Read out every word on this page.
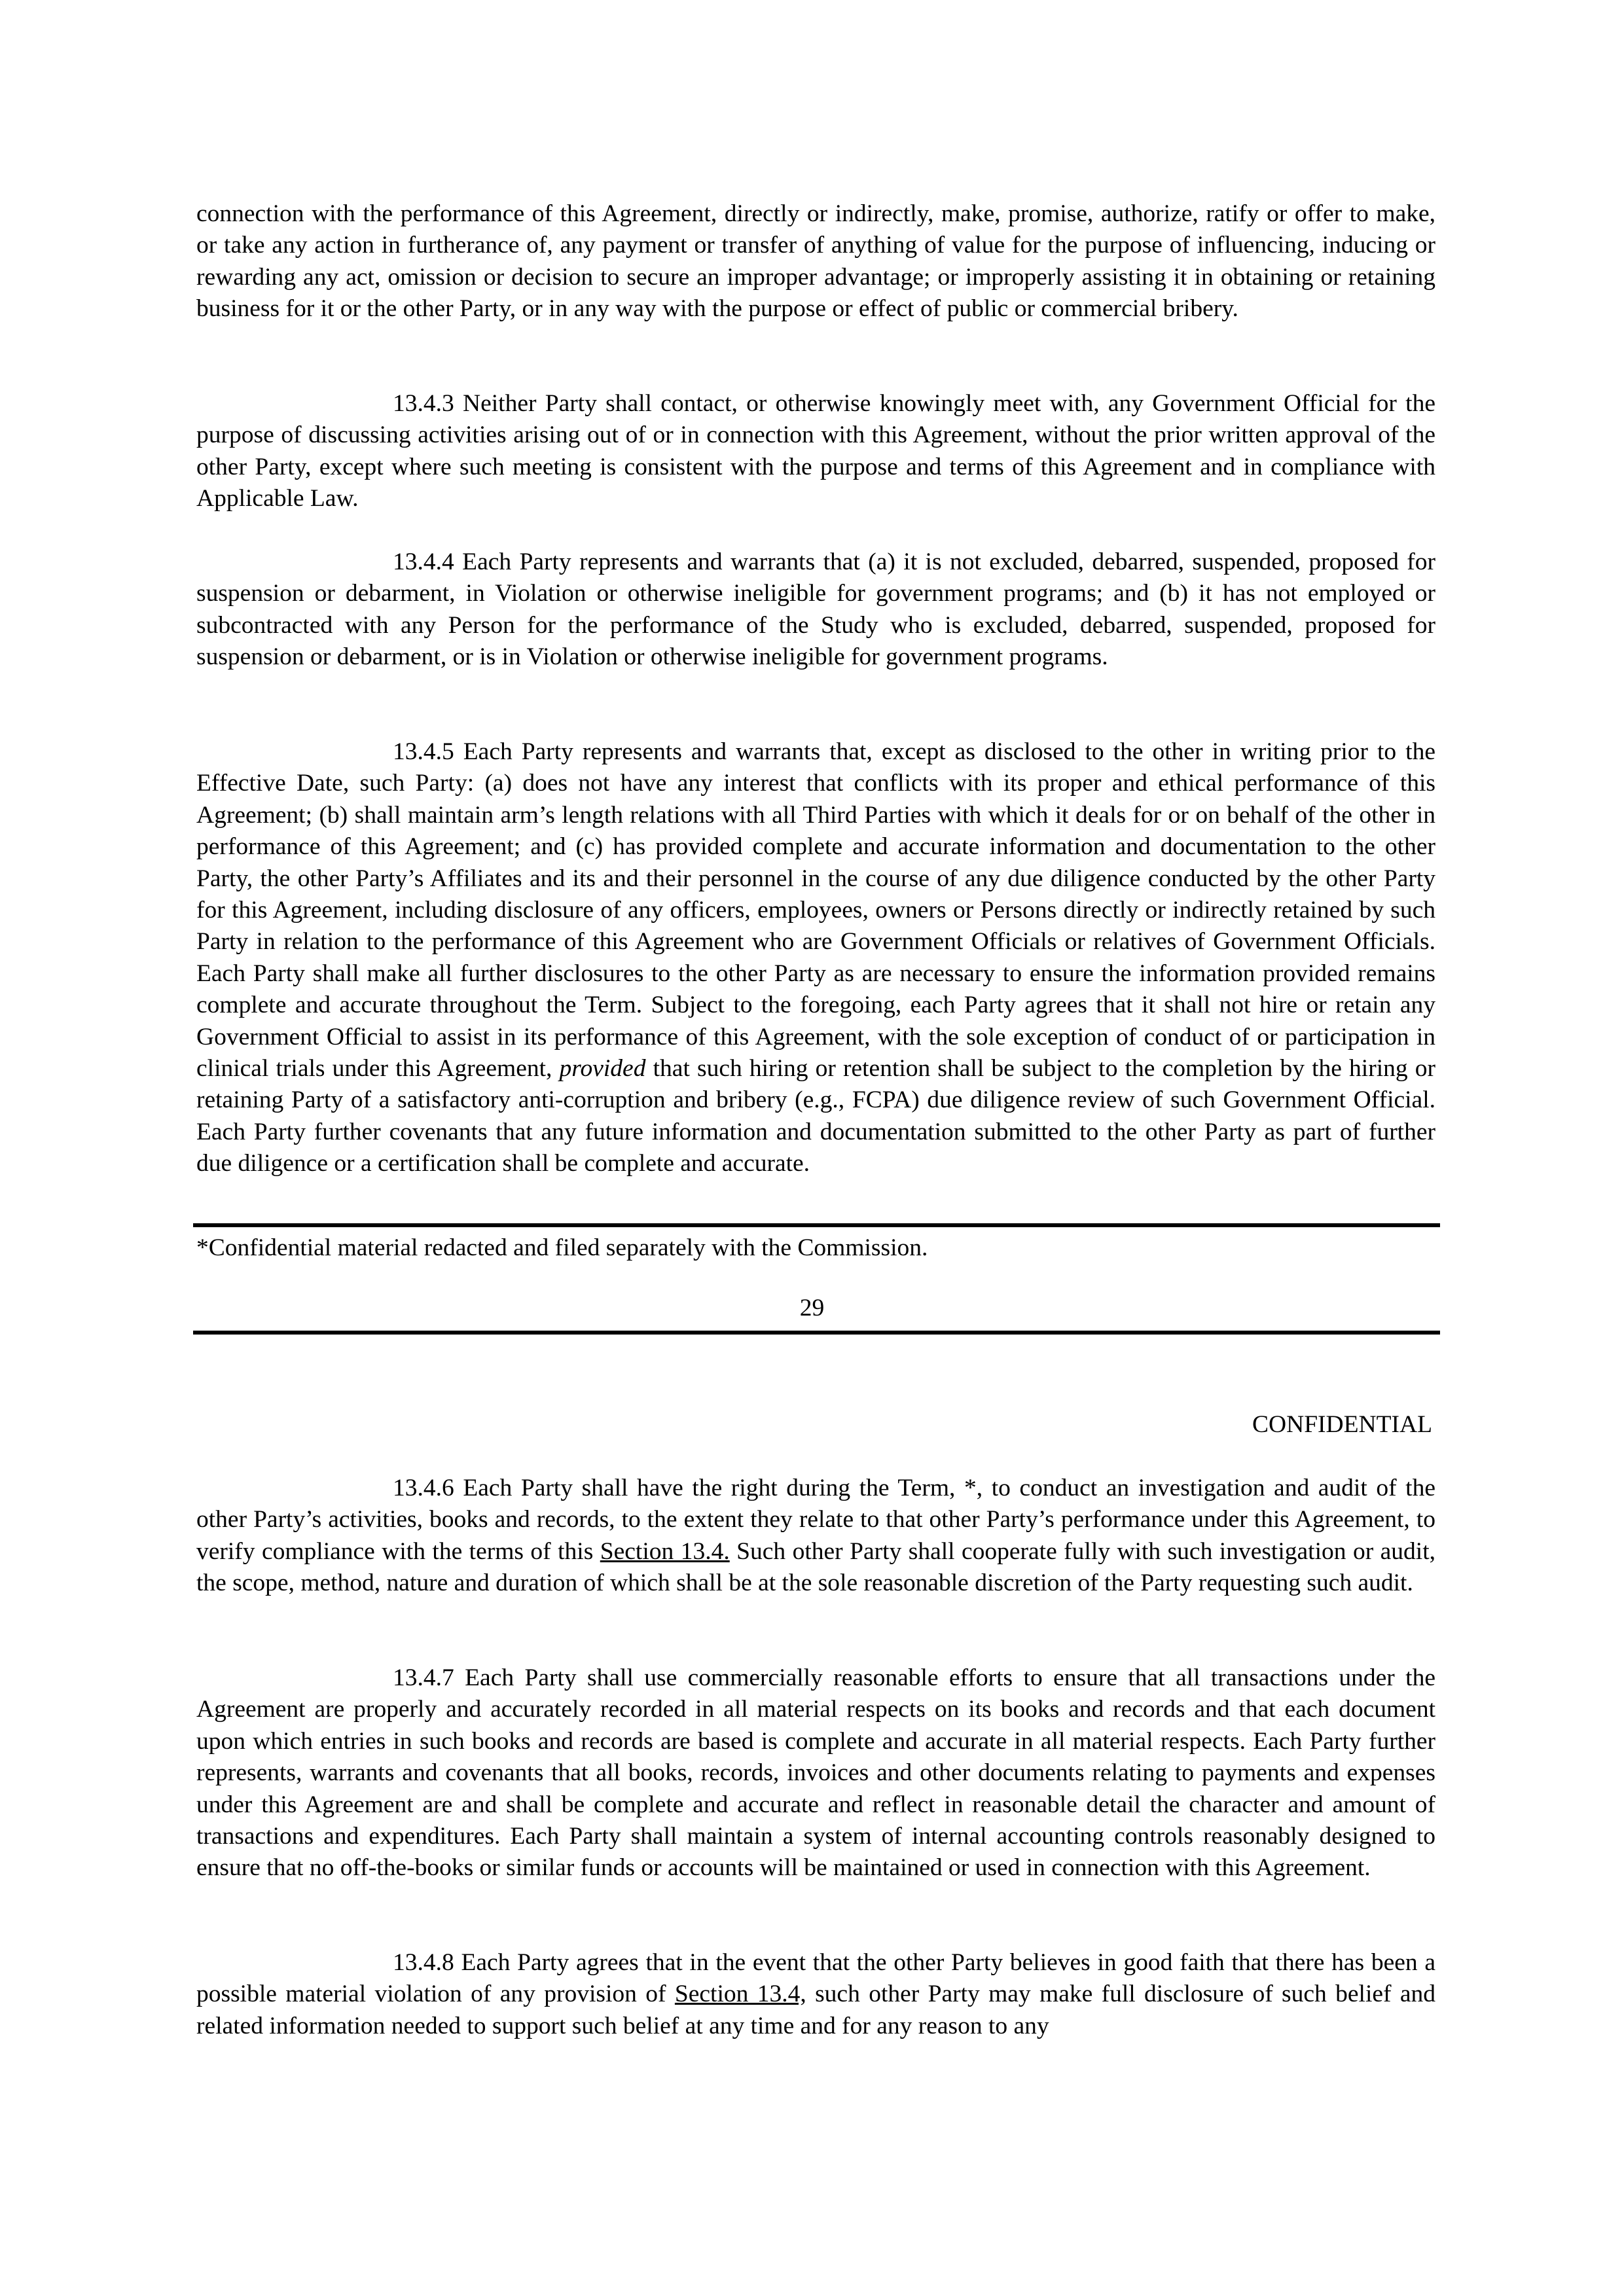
connection with the performance of this Agreement, directly or indirectly, make, promise, authorize, ratify or offer to make, or take any action in furtherance of, any payment or transfer of anything of value for the purpose of influencing, inducing or rewarding any act, omission or decision to secure an improper advantage; or improperly assisting it in obtaining or retaining business for it or the other Party, or in any way with the purpose or effect of public or commercial bribery.

13.4.3 Neither Party shall contact, or otherwise knowingly meet with, any Government Official for the purpose of discussing activities arising out of or in connection with this Agreement, without the prior written approval of the other Party, except where such meeting is consistent with the purpose and terms of this Agreement and in compliance with Applicable Law.

13.4.4 Each Party represents and warrants that (a) it is not excluded, debarred, suspended, proposed for suspension or debarment, in Violation or otherwise ineligible for government programs; and (b) it has not employed or subcontracted with any Person for the performance of the Study who is excluded, debarred, suspended, proposed for suspension or debarment, or is in Violation or otherwise ineligible for government programs.

13.4.5 Each Party represents and warrants that, except as disclosed to the other in writing prior to the Effective Date, such Party: (a) does not have any interest that conflicts with its proper and ethical performance of this Agreement; (b) shall maintain arm’s length relations with all Third Parties with which it deals for or on behalf of the other in performance of this Agreement; and (c) has provided complete and accurate information and documentation to the other Party, the other Party’s Affiliates and its and their personnel in the course of any due diligence conducted by the other Party for this Agreement, including disclosure of any officers, employees, owners or Persons directly or indirectly retained by such Party in relation to the performance of this Agreement who are Government Officials or relatives of Government Officials. Each Party shall make all further disclosures to the other Party as are necessary to ensure the information provided remains complete and accurate throughout the Term. Subject to the foregoing, each Party agrees that it shall not hire or retain any Government Official to assist in its performance of this Agreement, with the sole exception of conduct of or participation in clinical trials under this Agreement, provided that such hiring or retention shall be subject to the completion by the hiring or retaining Party of a satisfactory anti-corruption and bribery (e.g., FCPA) due diligence review of such Government Official. Each Party further covenants that any future information and documentation submitted to the other Party as part of further due diligence or a certification shall be complete and accurate.

*Confidential material redacted and filed separately with the Commission.

29

CONFIDENTIAL

13.4.6 Each Party shall have the right during the Term, *, to conduct an investigation and audit of the other Party’s activities, books and records, to the extent they relate to that other Party’s performance under this Agreement, to verify compliance with the terms of this Section 13.4. Such other Party shall cooperate fully with such investigation or audit, the scope, method, nature and duration of which shall be at the sole reasonable discretion of the Party requesting such audit.

13.4.7 Each Party shall use commercially reasonable efforts to ensure that all transactions under the Agreement are properly and accurately recorded in all material respects on its books and records and that each document upon which entries in such books and records are based is complete and accurate in all material respects. Each Party further represents, warrants and covenants that all books, records, invoices and other documents relating to payments and expenses under this Agreement are and shall be complete and accurate and reflect in reasonable detail the character and amount of transactions and expenditures. Each Party shall maintain a system of internal accounting controls reasonably designed to ensure that no off-the-books or similar funds or accounts will be maintained or used in connection with this Agreement.

13.4.8 Each Party agrees that in the event that the other Party believes in good faith that there has been a possible material violation of any provision of Section 13.4, such other Party may make full disclosure of such belief and related information needed to support such belief at any time and for any reason to any
